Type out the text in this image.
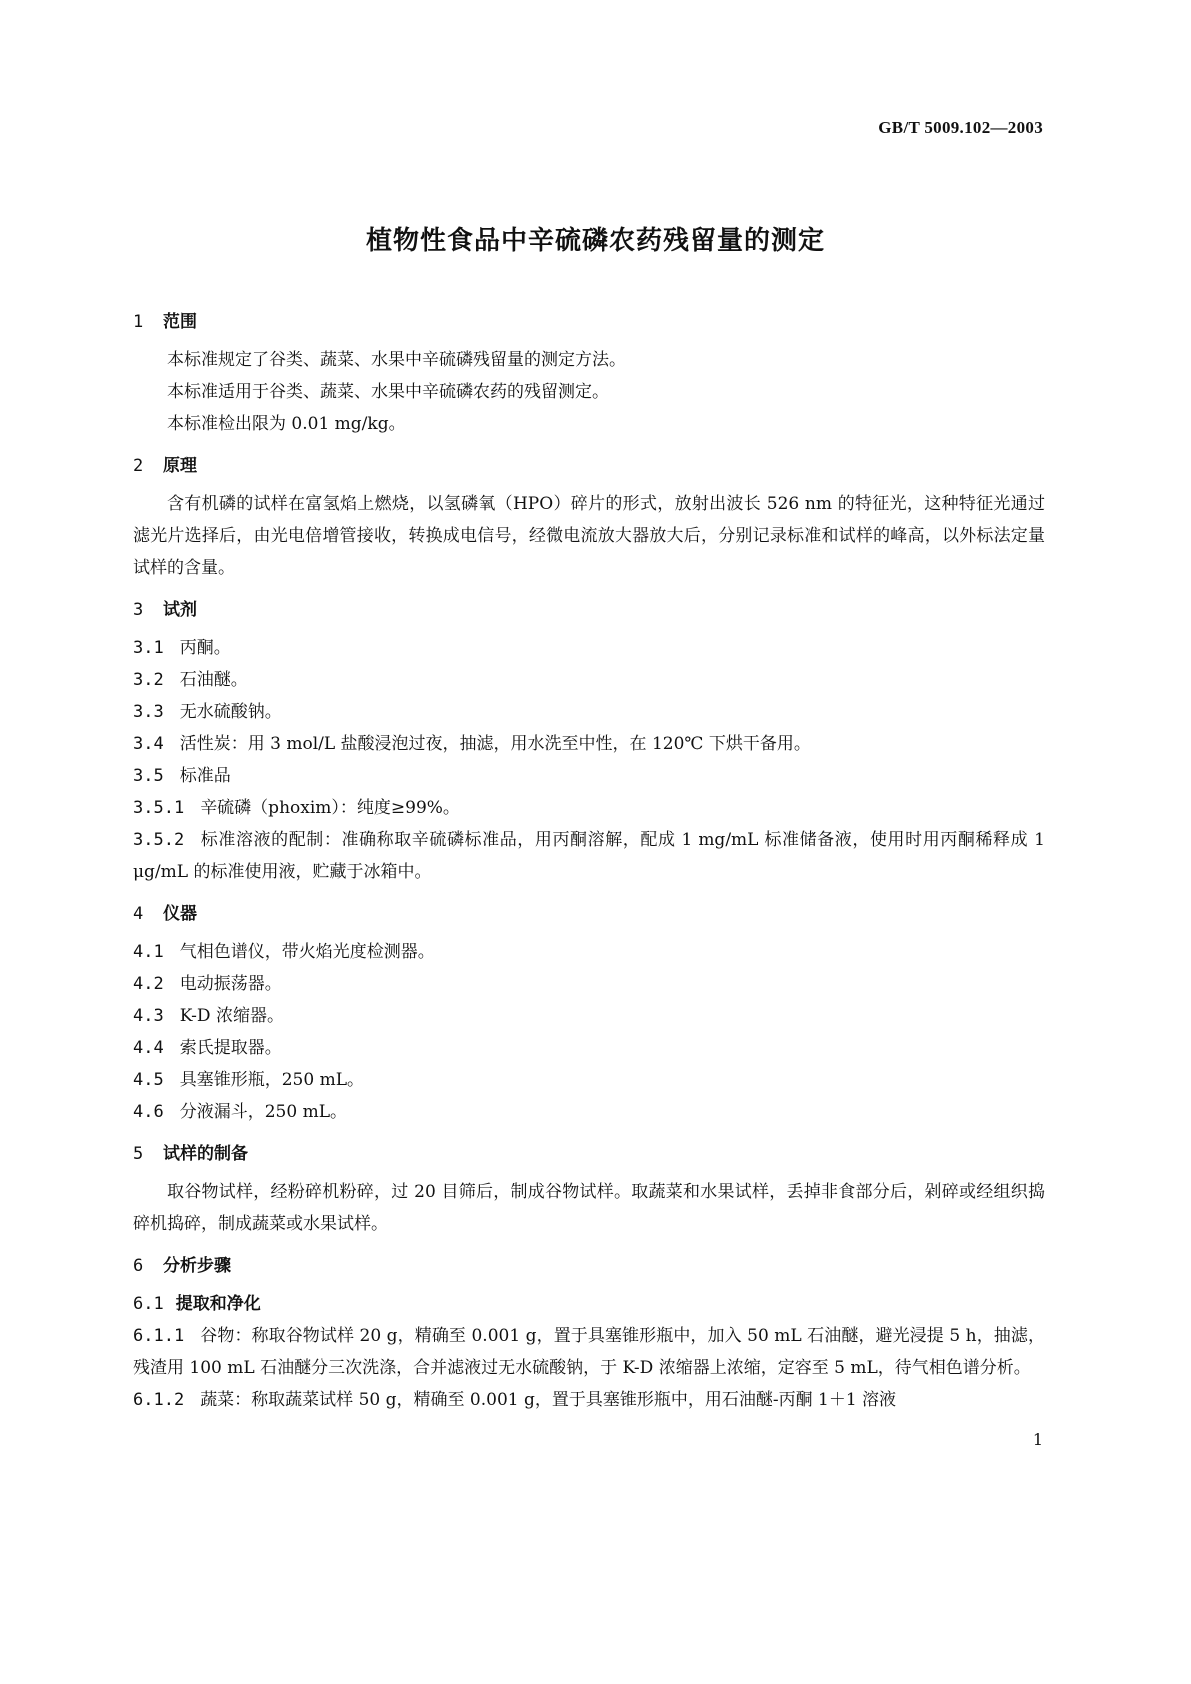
GB/T 5009.102—2003
植物性食品中辛硫磷农药残留量的测定
1 范围
本标准规定了谷类、蔬菜、水果中辛硫磷残留量的测定方法。
本标准适用于谷类、蔬菜、水果中辛硫磷农药的残留测定。
本标准检出限为 0.01 mg/kg。
2 原理
含有机磷的试样在富氢焰上燃烧，以氢磷氧（HPO）碎片的形式，放射出波长 526 nm 的特征光，这种特征光通过滤光片选择后，由光电倍增管接收，转换成电信号，经微电流放大器放大后，分别记录标准和试样的峰高，以外标法定量试样的含量。
3 试剂
3.1 丙酮。
3.2 石油醚。
3.3 无水硫酸钠。
3.4 活性炭：用 3 mol/L 盐酸浸泡过夜，抽滤，用水洗至中性，在 120℃ 下烘干备用。
3.5 标准品
3.5.1 辛硫磷（phoxim）：纯度≥99%。
3.5.2 标准溶液的配制：准确称取辛硫磷标准品，用丙酮溶解，配成 1 mg/mL 标准储备液，使用时用丙酮稀释成 1 μg/mL 的标准使用液，贮藏于冰箱中。
4 仪器
4.1 气相色谱仪，带火焰光度检测器。
4.2 电动振荡器。
4.3 K-D 浓缩器。
4.4 索氏提取器。
4.5 具塞锥形瓶，250 mL。
4.6 分液漏斗，250 mL。
5 试样的制备
取谷物试样，经粉碎机粉碎，过 20 目筛后，制成谷物试样。取蔬菜和水果试样，丢掉非食部分后，剁碎或经组织捣碎机捣碎，制成蔬菜或水果试样。
6 分析步骤
6.1 提取和净化
6.1.1 谷物：称取谷物试样 20 g，精确至 0.001 g，置于具塞锥形瓶中，加入 50 mL 石油醚，避光浸提 5 h，抽滤，残渣用 100 mL 石油醚分三次洗涤，合并滤液过无水硫酸钠，于 K-D 浓缩器上浓缩，定容至 5 mL，待气相色谱分析。
6.1.2 蔬菜：称取蔬菜试样 50 g，精确至 0.001 g，置于具塞锥形瓶中，用石油醚-丙酮 1＋1 溶液
1
